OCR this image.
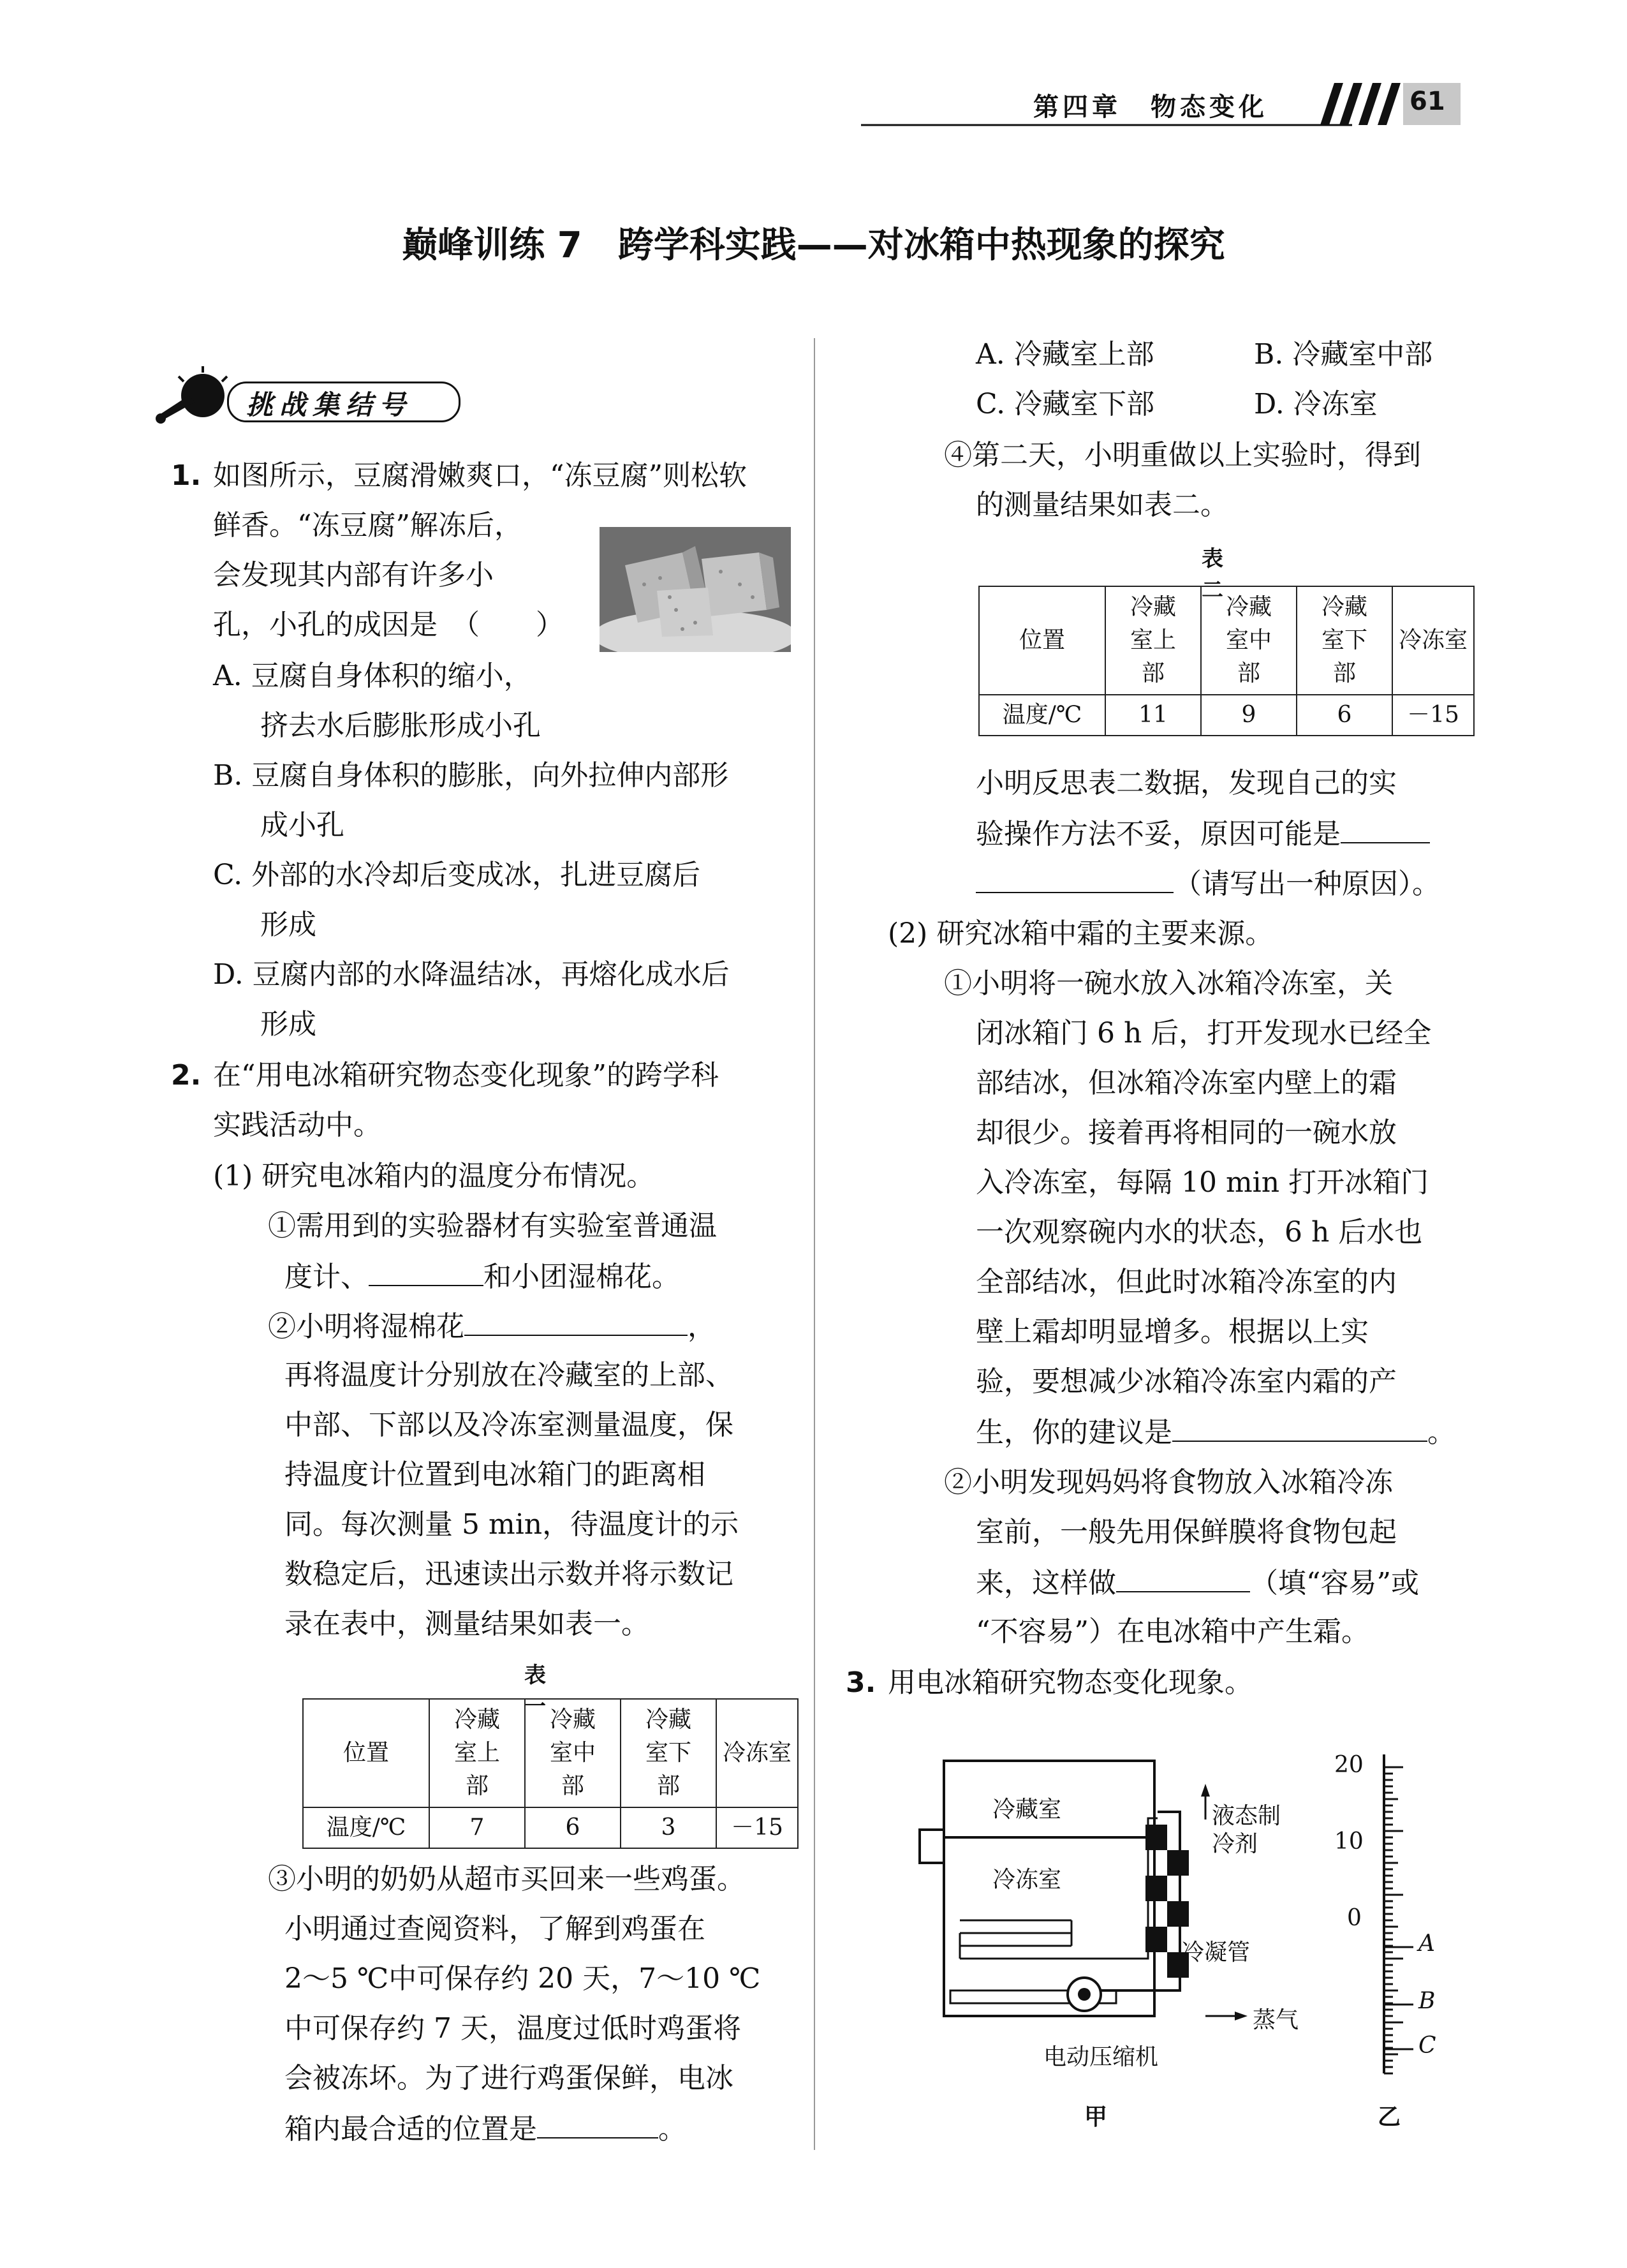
第四章　物态变化	61
巅峰训练 7　跨学科实践——对冰箱中热现象的探究
挑战集结号
1. 如图所示，豆腐滑嫩爽口，“冻豆腐”则松软
鲜香。“冻豆腐”解冻后，
会发现其内部有许多小
孔，小孔的成因是　（　　）
A. 豆腐自身体积的缩小，
挤去水后膨胀形成小孔
B. 豆腐自身体积的膨胀，向外拉伸内部形
成小孔
C. 外部的水冷却后变成冰，扎进豆腐后
形成
D. 豆腐内部的水降温结冰，再熔化成水后
形成
2. 在“用电冰箱研究物态变化现象”的跨学科
实践活动中。
(1) 研究电冰箱内的温度分布情况。
①需用到的实验器材有实验室普通温
度计、	和小团湿棉花。
②小明将湿棉花	，
再将温度计分别放在冷藏室的上部、
中部、下部以及冷冻室测量温度，保
持温度计位置到电冰箱门的距离相
同。每次测量 5 min，待温度计的示
数稳定后，迅速读出示数并将示数记
录在表中，测量结果如表一。
表一
位置	冷藏室上部	冷藏室中部	冷藏室下部	冷冻室
温度/℃	7	6	3	－15
③小明的奶奶从超市买回来一些鸡蛋。
小明通过查阅资料，了解到鸡蛋在
2～5 ℃中可保存约 20 天，7～10 ℃
中可保存约 7 天，温度过低时鸡蛋将
会被冻坏。为了进行鸡蛋保鲜，电冰
箱内最合适的位置是	。
A. 冷藏室上部	B. 冷藏室中部
C. 冷藏室下部	D. 冷冻室
④第二天，小明重做以上实验时，得到
的测量结果如表二。
表二
位置	冷藏室上部	冷藏室中部	冷藏室下部	冷冻室
温度/℃	11	9	6	－15
小明反思表二数据，发现自己的实
验操作方法不妥，原因可能是
（请写出一种原因）。
(2) 研究冰箱中霜的主要来源。
①小明将一碗水放入冰箱冷冻室，关
闭冰箱门 6 h 后，打开发现水已经全
部结冰，但冰箱冷冻室内壁上的霜
却很少。接着再将相同的一碗水放
入冷冻室，每隔 10 min 打开冰箱门
一次观察碗内水的状态，6 h 后水也
全部结冰，但此时冰箱冷冻室的内
壁上霜却明显增多。根据以上实
验，要想减少冰箱冷冻室内霜的产
生，你的建议是	。
②小明发现妈妈将食物放入冰箱冷冻
室前，一般先用保鲜膜将食物包起
来，这样做	（填“容易”或
“不容易”）在电冰箱中产生霜。
3. 用电冰箱研究物态变化现象。
冷藏室
冷冻室
液态制
冷剂
冷凝管
蒸气
电动压缩机
甲
20
10
0
A
B
C
乙
